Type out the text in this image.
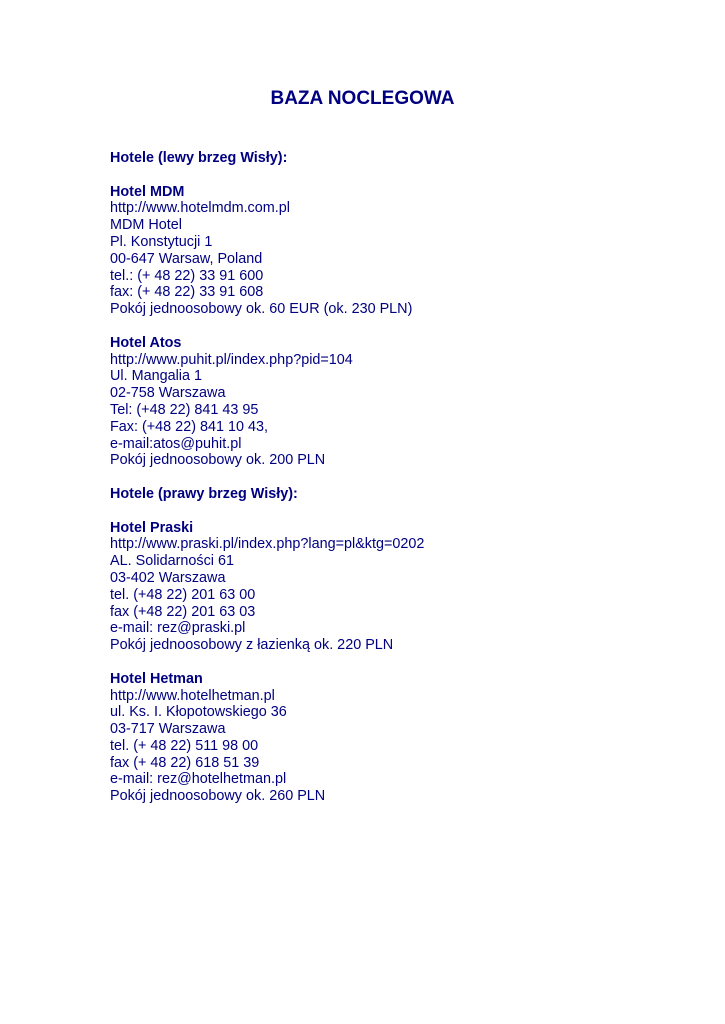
BAZA NOCLEGOWA

Hotele (lewy brzeg Wisły):

Hotel MDM

http://www.hotelmdm.com.pl

MDM Hotel

Pl. Konstytucji 1

00-647 Warsaw, Poland

tel.: (+ 48 22) 33 91 600

fax: (+ 48 22) 33 91 608

Pokój jednoosobowy ok. 60 EUR (ok. 230 PLN)

Hotel Atos

http://www.puhit.pl/index.php?pid=104

Ul. Mangalia 1

02-758 Warszawa

Tel: (+48 22) 841 43 95

Fax: (+48 22) 841 10 43,

e-mail:atos@puhit.pl

Pokój jednoosobowy ok. 200 PLN

Hotele (prawy brzeg Wisły):

Hotel Praski

http://www.praski.pl/index.php?lang=pl&ktg=0202

AL. Solidarności 61

03-402 Warszawa

tel. (+48 22) 201 63 00

fax (+48 22) 201 63 03

e-mail: rez@praski.pl

Pokój jednoosobowy z łazienką ok. 220 PLN

Hotel Hetman

http://www.hotelhetman.pl

ul. Ks. I. Kłopotowskiego 36

03-717 Warszawa

tel. (+ 48 22) 511 98 00

fax (+ 48 22) 618 51 39

e-mail: rez@hotelhetman.pl

Pokój jednoosobowy ok. 260 PLN
